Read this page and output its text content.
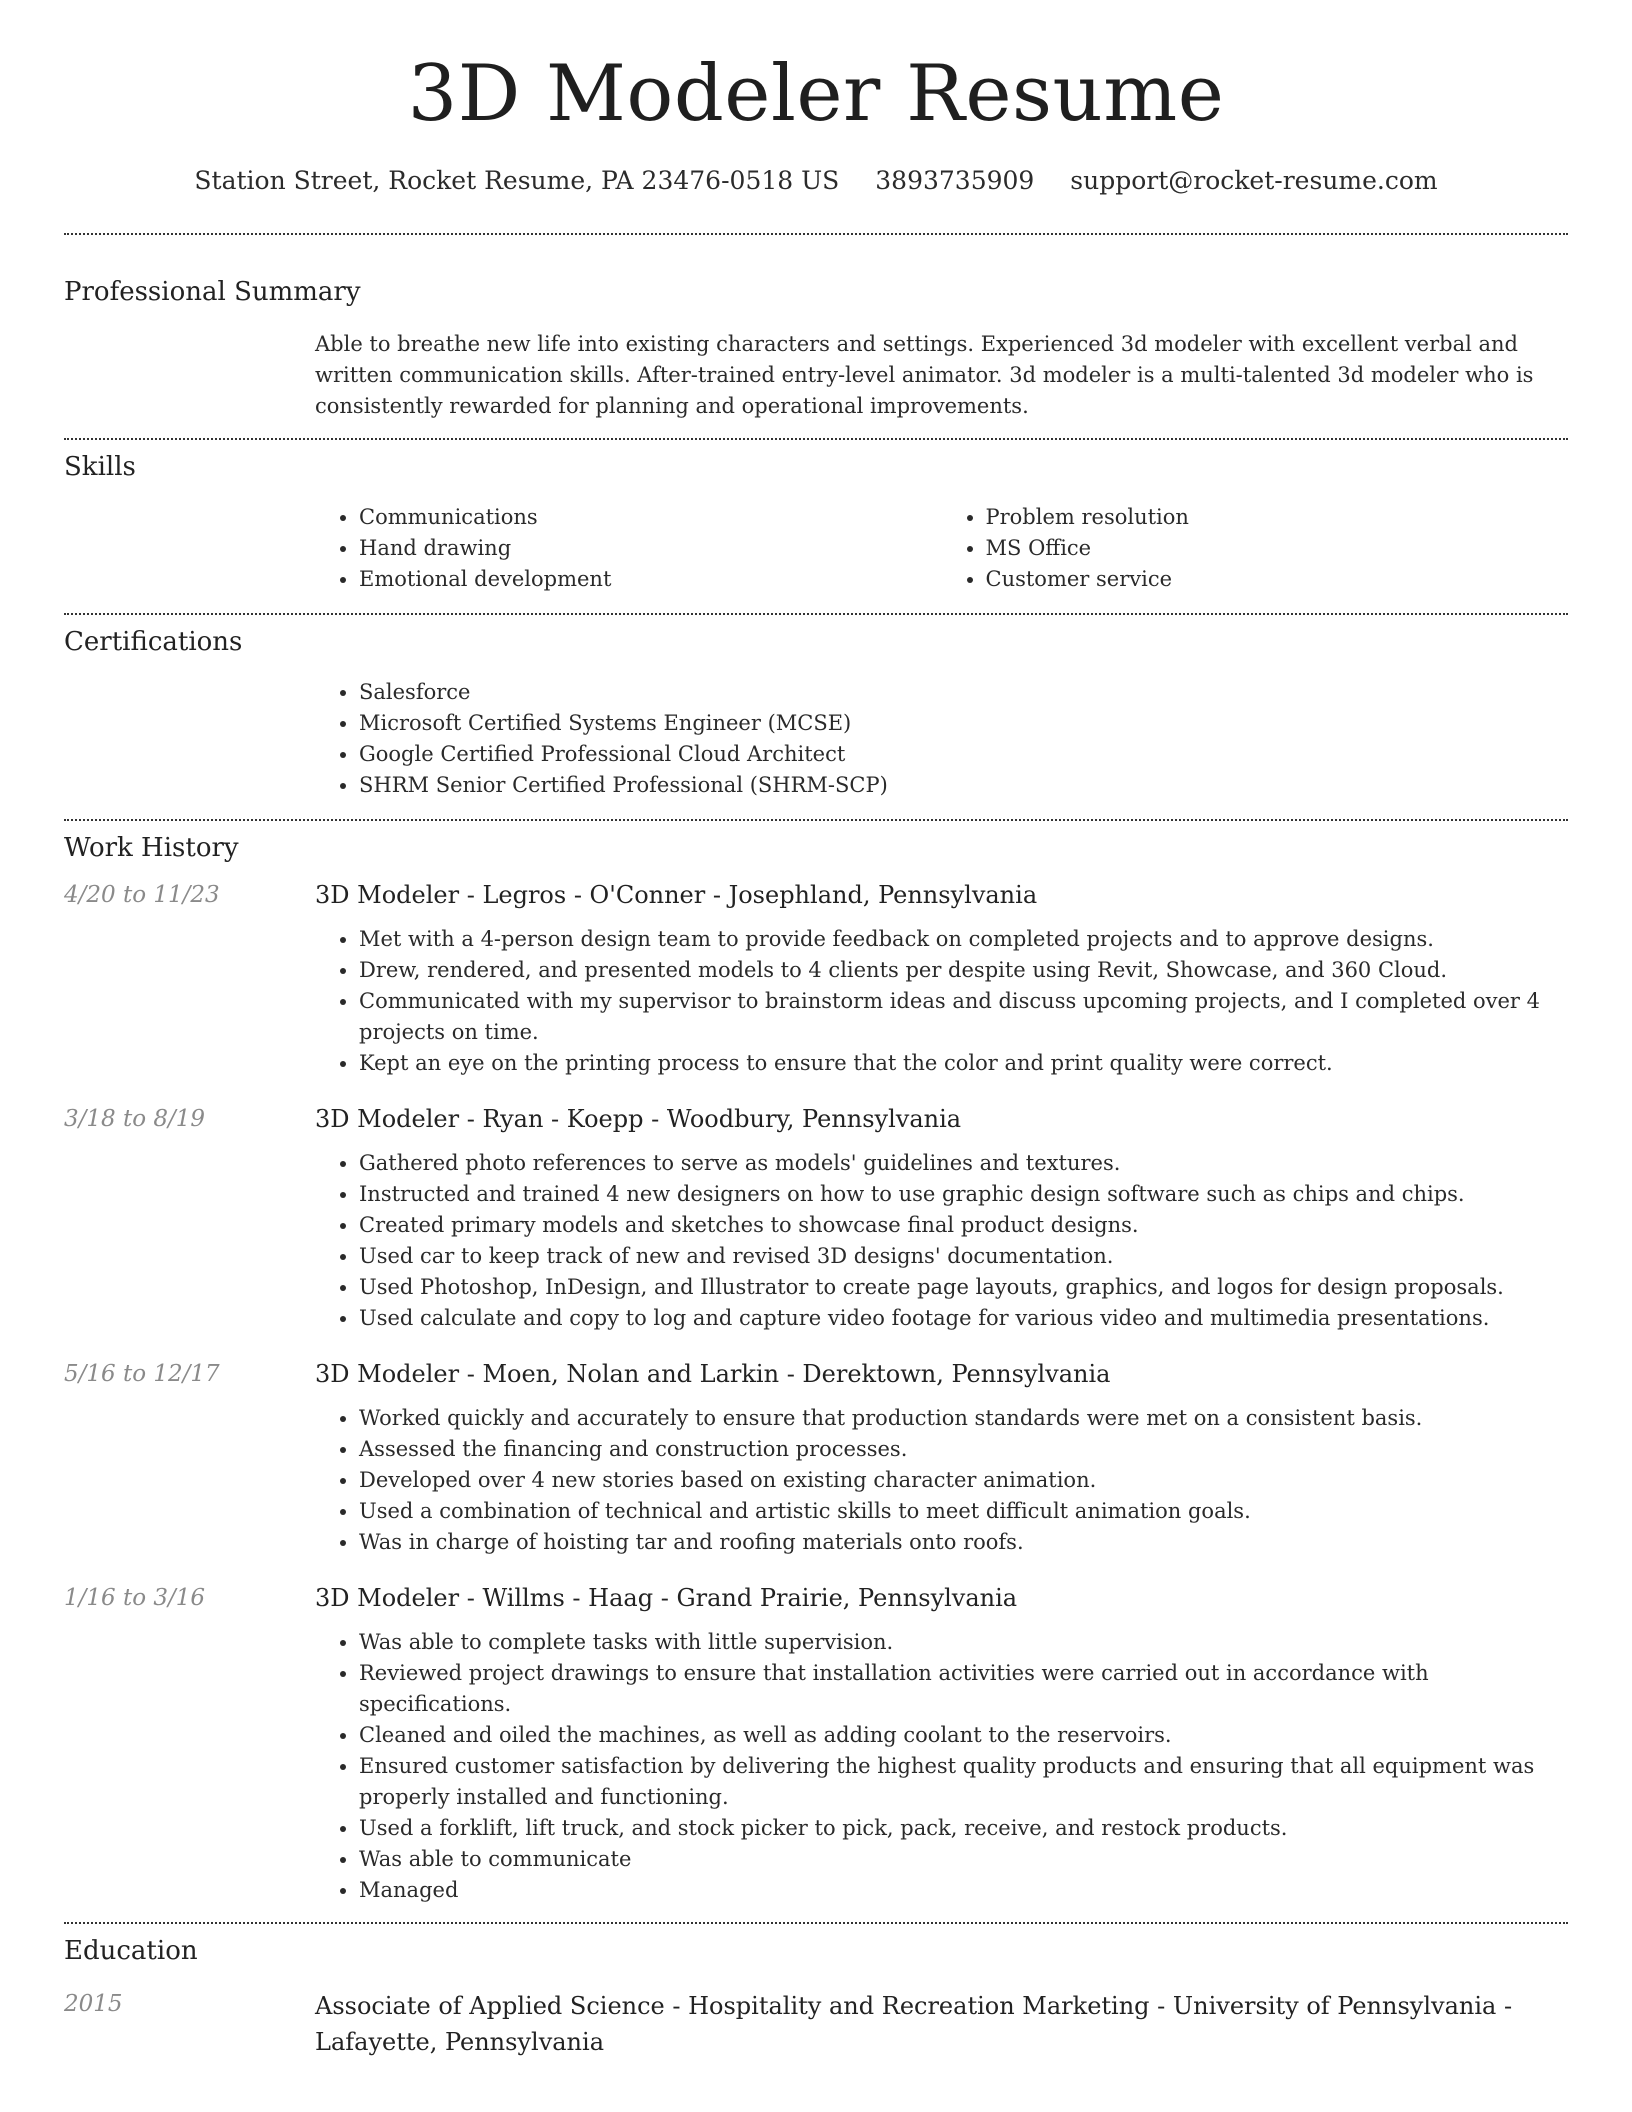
3D Modeler Resume
Station Street, Rocket Resume, PA 23476-0518 US 3893735909 support@rocket-resume.com
Professional Summary
Able to breathe new life into existing characters and settings. Experienced 3d modeler with excellent verbal and written communication skills. After-trained entry-level animator. 3d modeler is a multi-talented 3d modeler who is consistently rewarded for planning and operational improvements.
Skills
• Communications
• Hand drawing
• Emotional development
• Problem resolution
• MS Office
• Customer service
Certifications
• Salesforce
• Microsoft Certified Systems Engineer (MCSE)
• Google Certified Professional Cloud Architect
• SHRM Senior Certified Professional (SHRM-SCP)
Work History
4/20 to 11/23	3D Modeler - Legros - O'Conner - Josephland, Pennsylvania
• Met with a 4-person design team to provide feedback on completed projects and to approve designs.
• Drew, rendered, and presented models to 4 clients per despite using Revit, Showcase, and 360 Cloud.
• Communicated with my supervisor to brainstorm ideas and discuss upcoming projects, and I completed over 4 projects on time.
• Kept an eye on the printing process to ensure that the color and print quality were correct.
3/18 to 8/19	3D Modeler - Ryan - Koepp - Woodbury, Pennsylvania
• Gathered photo references to serve as models' guidelines and textures.
• Instructed and trained 4 new designers on how to use graphic design software such as chips and chips.
• Created primary models and sketches to showcase final product designs.
• Used car to keep track of new and revised 3D designs' documentation.
• Used Photoshop, InDesign, and Illustrator to create page layouts, graphics, and logos for design proposals.
• Used calculate and copy to log and capture video footage for various video and multimedia presentations.
5/16 to 12/17	3D Modeler - Moen, Nolan and Larkin - Derektown, Pennsylvania
• Worked quickly and accurately to ensure that production standards were met on a consistent basis.
• Assessed the financing and construction processes.
• Developed over 4 new stories based on existing character animation.
• Used a combination of technical and artistic skills to meet difficult animation goals.
• Was in charge of hoisting tar and roofing materials onto roofs.
1/16 to 3/16	3D Modeler - Willms - Haag - Grand Prairie, Pennsylvania
• Was able to complete tasks with little supervision.
• Reviewed project drawings to ensure that installation activities were carried out in accordance with specifications.
• Cleaned and oiled the machines, as well as adding coolant to the reservoirs.
• Ensured customer satisfaction by delivering the highest quality products and ensuring that all equipment was properly installed and functioning.
• Used a forklift, lift truck, and stock picker to pick, pack, receive, and restock products.
• Was able to communicate
• Managed
Education
2015	Associate of Applied Science - Hospitality and Recreation Marketing - University of Pennsylvania - Lafayette, Pennsylvania
